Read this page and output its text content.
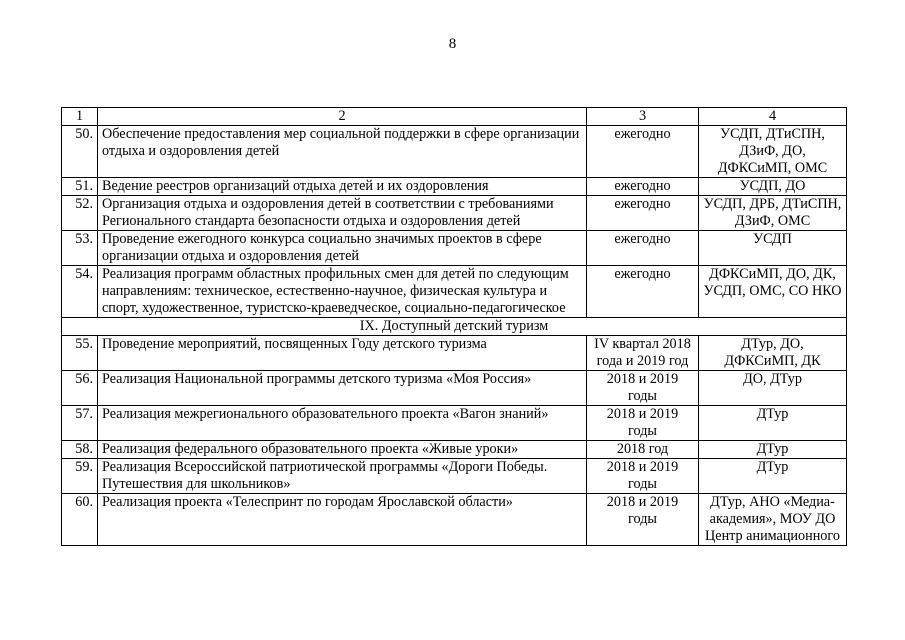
8
1	2	3	4
50.	Обеспечение предоставления мер социальной поддержки в сфере организации отдыха и оздоровления детей	ежегодно	УСДП, ДТиСПН, ДЗиФ, ДО, ДФКСиМП, ОМС
51.	Ведение реестров организаций отдыха детей и их оздоровления	ежегодно	УСДП, ДО
52.	Организация отдыха и оздоровления детей в соответствии с требованиями Регионального стандарта безопасности отдыха и оздоровления детей	ежегодно	УСДП, ДРБ, ДТиСПН, ДЗиФ, ОМС
53.	Проведение ежегодного конкурса социально значимых проектов в сфере организации отдыха и оздоровления детей	ежегодно	УСДП
54.	Реализация программ областных профильных смен для детей по следующим направлениям: техническое, естественно-научное, физическая культура и спорт, художественное, туристско-краеведческое, социально-педагогическое	ежегодно	ДФКСиМП, ДО, ДК, УСДП, ОМС, СО НКО
IX. Доступный детский туризм			
55.	Проведение мероприятий, посвященных Году детского туризма	IV квартал 2018 года и 2019 год	ДТур, ДО, ДФКСиМП, ДК
56.	Реализация Национальной программы детского туризма «Моя Россия»	2018 и 2019 годы	ДО, ДТур
57.	Реализация межрегионального образовательного проекта «Вагон знаний»	2018 и 2019 годы	ДТур
58.	Реализация федерального образовательного проекта «Живые уроки»	2018 год	ДТур
59.	Реализация Всероссийской патриотической программы «Дороги Победы. Путешествия для школьников»	2018 и 2019 годы	ДТур
60.	Реализация проекта «Телеспринт по городам Ярославской области»	2018 и 2019 годы	ДТур, АНО «Медиа-академия», МОУ ДО Центр анимационного
